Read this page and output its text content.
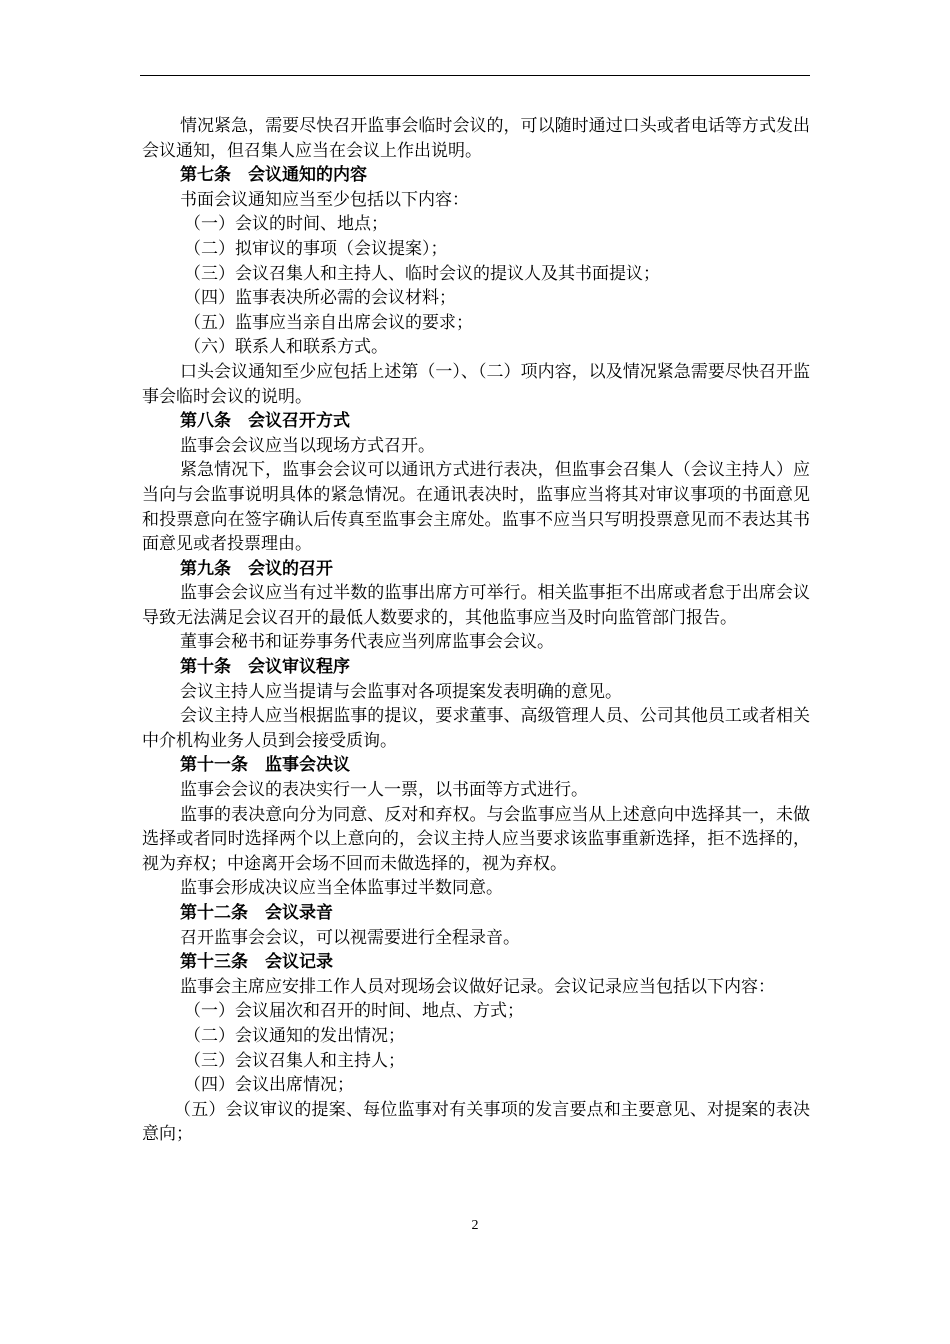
情况紧急，需要尽快召开监事会临时会议的，可以随时通过口头或者电话等方式发出会议通知，但召集人应当在会议上作出说明。

第七条　会议通知的内容

书面会议通知应当至少包括以下内容：

（一）会议的时间、地点；

（二）拟审议的事项（会议提案）；

（三）会议召集人和主持人、临时会议的提议人及其书面提议；

（四）监事表决所必需的会议材料；

（五）监事应当亲自出席会议的要求；

（六）联系人和联系方式。

口头会议通知至少应包括上述第（一）、（二）项内容，以及情况紧急需要尽快召开监事会临时会议的说明。

第八条　会议召开方式

监事会会议应当以现场方式召开。

紧急情况下，监事会会议可以通讯方式进行表决，但监事会召集人（会议主持人）应当向与会监事说明具体的紧急情况。在通讯表决时，监事应当将其对审议事项的书面意见和投票意向在签字确认后传真至监事会主席处。监事不应当只写明投票意见而不表达其书面意见或者投票理由。

第九条　会议的召开

监事会会议应当有过半数的监事出席方可举行。相关监事拒不出席或者怠于出席会议导致无法满足会议召开的最低人数要求的，其他监事应当及时向监管部门报告。

董事会秘书和证券事务代表应当列席监事会会议。

第十条　会议审议程序

会议主持人应当提请与会监事对各项提案发表明确的意见。

会议主持人应当根据监事的提议，要求董事、高级管理人员、公司其他员工或者相关中介机构业务人员到会接受质询。

第十一条　监事会决议

监事会会议的表决实行一人一票，以书面等方式进行。

监事的表决意向分为同意、反对和弃权。与会监事应当从上述意向中选择其一，未做选择或者同时选择两个以上意向的，会议主持人应当要求该监事重新选择，拒不选择的，视为弃权；中途离开会场不回而未做选择的，视为弃权。

监事会形成决议应当全体监事过半数同意。

第十二条　会议录音

召开监事会会议，可以视需要进行全程录音。

第十三条　会议记录

监事会主席应安排工作人员对现场会议做好记录。会议记录应当包括以下内容：

（一）会议届次和召开的时间、地点、方式；

（二）会议通知的发出情况；

（三）会议召集人和主持人；

（四）会议出席情况；

（五）会议审议的提案、每位监事对有关事项的发言要点和主要意见、对提案的表决意向；

2
